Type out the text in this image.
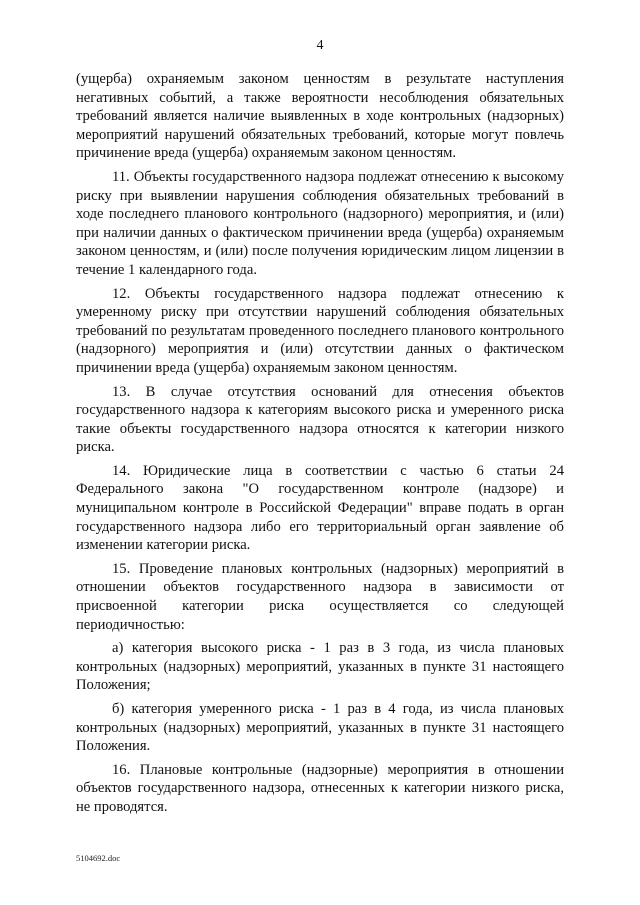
4

(ущерба) охраняемым законом ценностям в результате наступления негативных событий, а также вероятности несоблюдения обязательных требований является наличие выявленных в ходе контрольных (надзорных) мероприятий нарушений обязательных требований, которые могут повлечь причинение вреда (ущерба) охраняемым законом ценностям.

11. Объекты государственного надзора подлежат отнесению к высокому риску при выявлении нарушения соблюдения обязательных требований в ходе последнего планового контрольного (надзорного) мероприятия, и (или) при наличии данных о фактическом причинении вреда (ущерба) охраняемым законом ценностям, и (или) после получения юридическим лицом лицензии в течение 1 календарного года.

12. Объекты государственного надзора подлежат отнесению к умеренному риску при отсутствии нарушений соблюдения обязательных требований по результатам проведенного последнего планового контрольного (надзорного) мероприятия и (или) отсутствии данных о фактическом причинении вреда (ущерба) охраняемым законом ценностям.

13. В случае отсутствия оснований для отнесения объектов государственного надзора к категориям высокого риска и умеренного риска такие объекты государственного надзора относятся к категории низкого риска.

14. Юридические лица в соответствии с частью 6 статьи 24 Федерального закона "О государственном контроле (надзоре) и муниципальном контроле в Российской Федерации" вправе подать в орган государственного надзора либо его территориальный орган заявление об изменении категории риска.

15. Проведение плановых контрольных (надзорных) мероприятий в отношении объектов государственного надзора в зависимости от присвоенной категории риска осуществляется со следующей периодичностью:

а) категория высокого риска - 1 раз в 3 года, из числа плановых контрольных (надзорных) мероприятий, указанных в пункте 31 настоящего Положения;

б) категория умеренного риска - 1 раз в 4 года, из числа плановых контрольных (надзорных) мероприятий, указанных в пункте 31 настоящего Положения.

16. Плановые контрольные (надзорные) мероприятия в отношении объектов государственного надзора, отнесенных к категории низкого риска, не проводятся.

5104692.doc
